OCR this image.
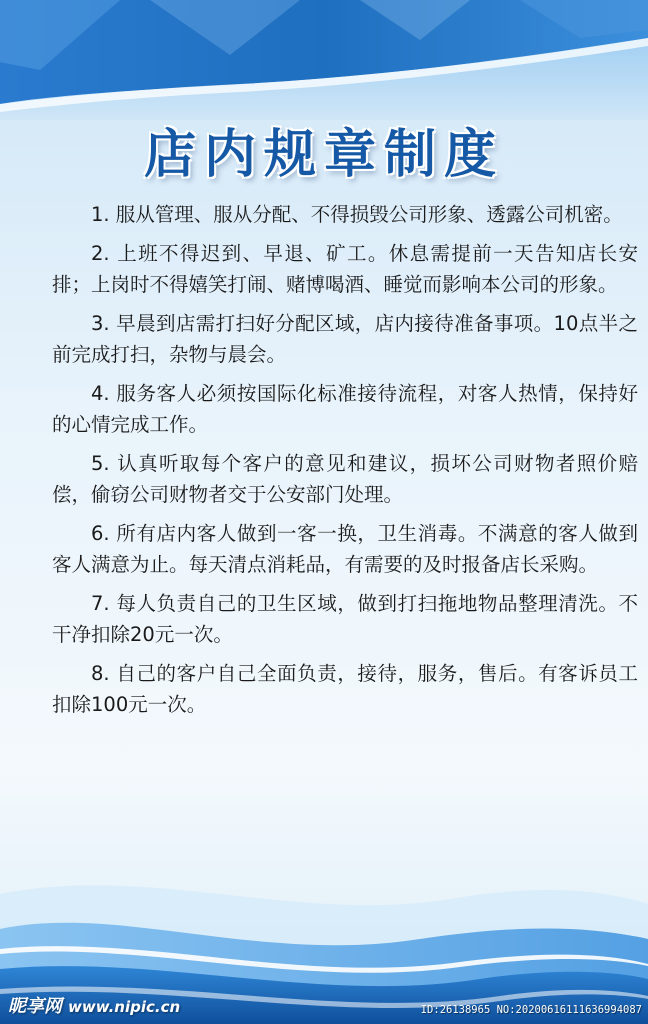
店内规章制度

1. 服从管理、服从分配、不得损毁公司形象、透露公司机密。

2. 上班不得迟到、早退、矿工。休息需提前一天告知店长安排；上岗时不得嬉笑打闹、赌博喝酒、睡觉而影响本公司的形象。

3. 早晨到店需打扫好分配区域，店内接待准备事项。10点半之前完成打扫，杂物与晨会。

4. 服务客人必须按国际化标准接待流程，对客人热情，保持好的心情完成工作。

5. 认真听取每个客户的意见和建议，损坏公司财物者照价赔偿，偷窃公司财物者交于公安部门处理。

6. 所有店内客人做到一客一换，卫生消毒。不满意的客人做到客人满意为止。每天清点消耗品，有需要的及时报备店长采购。

7. 每人负责自己的卫生区域，做到打扫拖地物品整理清洗。不干净扣除20元一次。

8. 自己的客户自己全面负责，接待，服务，售后。有客诉员工扣除100元一次。

昵享网 www.nipic.cn	ID:26138965 NO:20200616111636994087
